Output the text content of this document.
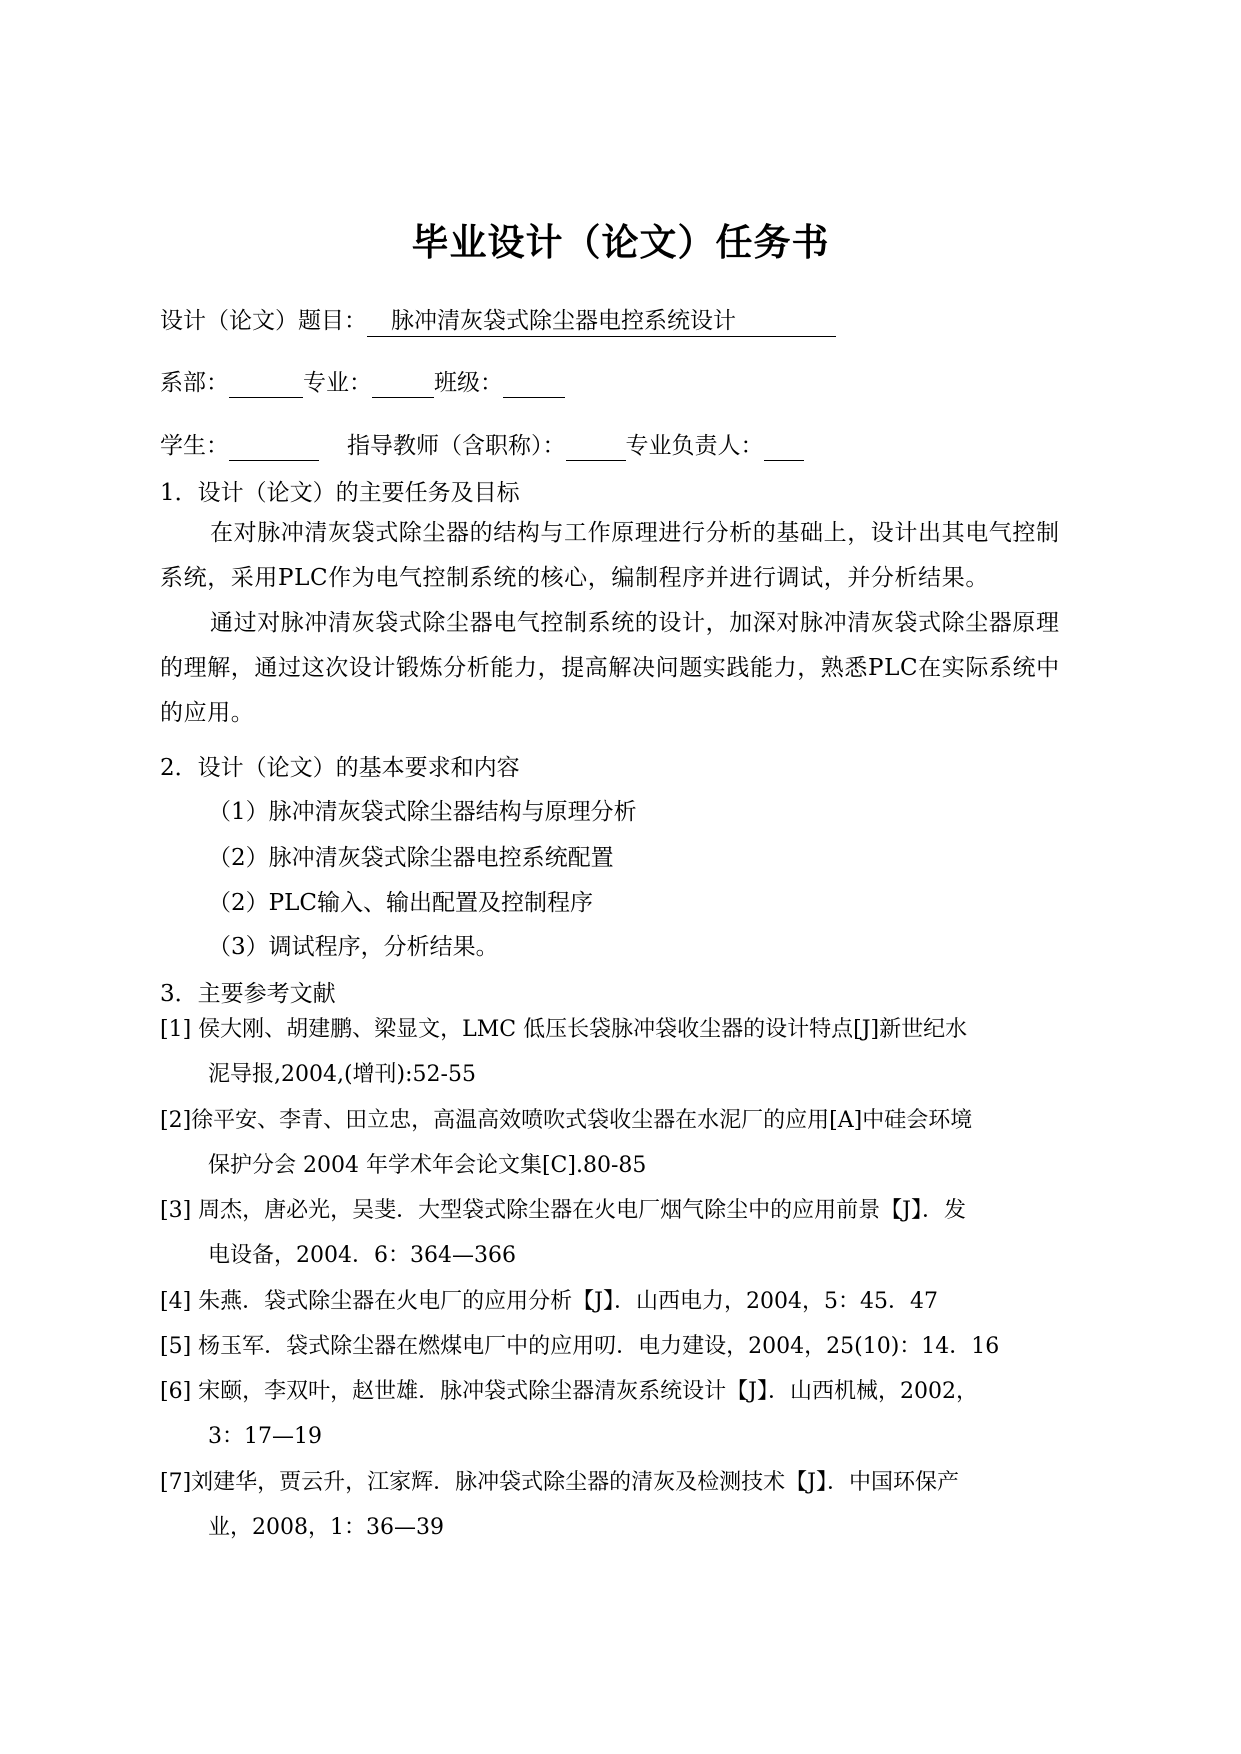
毕业设计（论文）任务书
设计（论文）题目： 脉冲清灰袋式除尘器电控系统设计
系部：	专业：	班级：
学生：	指导教师（含职称）：	专业负责人：
1．设计（论文）的主要任务及目标
在对脉冲清灰袋式除尘器的结构与工作原理进行分析的基础上，设计出其电气控制系统，采用PLC作为电气控制系统的核心，编制程序并进行调试，并分析结果。
通过对脉冲清灰袋式除尘器电气控制系统的设计，加深对脉冲清灰袋式除尘器原理的理解，通过这次设计锻炼分析能力，提高解决问题实践能力，熟悉PLC在实际系统中的应用。
2．设计（论文）的基本要求和内容
（1）脉冲清灰袋式除尘器结构与原理分析
（2）脉冲清灰袋式除尘器电控系统配置
（2）PLC输入、输出配置及控制程序
（3）调试程序，分析结果。
3．主要参考文献
[1] 侯大刚、胡建鹏、梁显文，LMC 低压长袋脉冲袋收尘器的设计特点[J]新世纪水
泥导报,2004,(增刊):52-55
[2]徐平安、李青、田立忠，高温高效喷吹式袋收尘器在水泥厂的应用[A]中硅会环境
保护分会 2004 年学术年会论文集[C].80-85
[3] 周杰，唐必光，吴斐．大型袋式除尘器在火电厂烟气除尘中的应用前景【J】．发
电设备，2004．6：364—366
[4] 朱燕．袋式除尘器在火电厂的应用分析【J】．山西电力，2004，5：45．47
[5] 杨玉军．袋式除尘器在燃煤电厂中的应用叨．电力建设，2004，25(10)：14．16
[6] 宋颐，李双叶，赵世雄．脉冲袋式除尘器清灰系统设计【J】．山西机械，2002，
3：17—19
[7]刘建华，贾云升，江家辉．脉冲袋式除尘器的清灰及检测技术【J】．中国环保产
业，2008，1：36—39
